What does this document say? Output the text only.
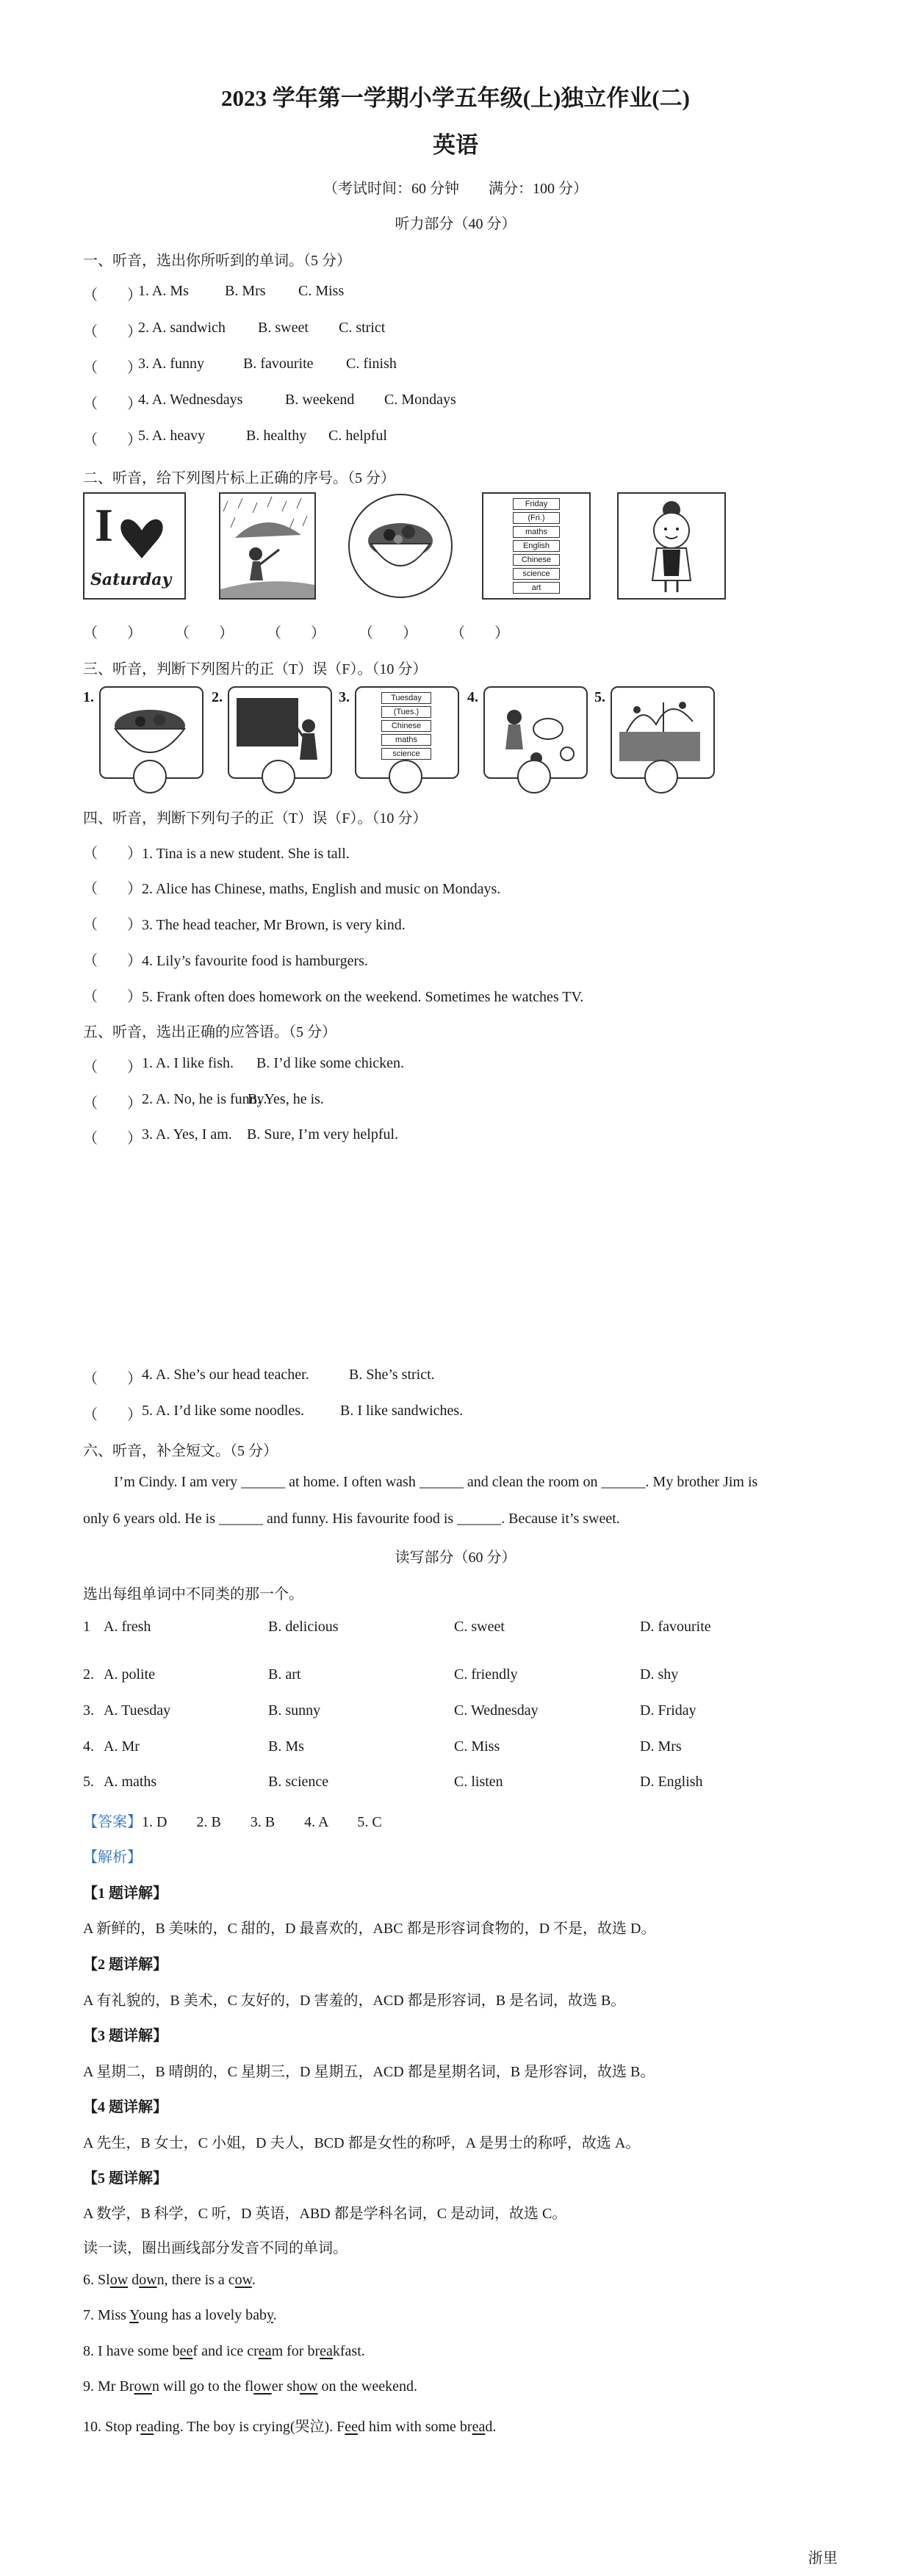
2023 学年第一学期小学五年级(上)独立作业(二)
英语
（考试时间：60 分钟　　满分：100 分）
听力部分（40 分）
一、听音，选出你所听到的单词。（5 分）
（　　）
1. A. Ms B. Mrs C. Miss
（　　）
2. A. sandwich B. sweet C. strict
（　　）
3. A. funny	B. favourite C. finish
（　　）
4. A. Wednesdays	B. weekend C. Mondays
（　　）
5. A. heavy	B. healthy C. helpful
二、听音，给下列图片标上正确的序号。（5 分）
I
Saturday
Friday
(Fri.)
maths
English
Chinese
science
art
（　　） （　　） （　　） （　　） （　　）
三、听音，判断下列图片的正（T）误（F）。（10 分）
1.	2.	3.	Tuesday
(Tues.)
Chinese
maths
science
4.	5.
四、听音，判断下列句子的正（T）误（F）。（10 分）
（　　）1. Tina is a new student. She is tall.
（　　）2. Alice has Chinese, maths, English and music on Mondays.
（　　）3. The head teacher, Mr Brown, is very kind.
（　　）4. Lily’s favourite food is hamburgers.
（　　）5. Frank often does homework on the weekend. Sometimes he watches TV.
五、听音，选出正确的应答语。（5 分）
（　　） 1. A. I like fish. B. I’d like some chicken.
（　　） 2. A. No, he is funny.
B. Yes, he is.
（　　） 3. A. Yes, I am. B. Sure, I’m very helpful.
（　　） 4. A. She’s our head teacher.	B. She’s strict.
（　　） 5. A. I’d like some noodles. B. I like sandwiches.
六、听音，补全短文。（5 分）
I’m Cindy. I am very ______ at home. I often wash ______ and clean the room on ______. My brother Jim is
only 6 years old. He is ______ and funny. His favourite food is ______. Because it’s sweet.
读写部分（60 分）
选出每组单词中不同类的那一个。
1 A. fresh	B. delicious	C. sweet	D. favourite
2. A. polite	B. art	C. friendly	D. shy
3. A. Tuesday	B. sunny	C. Wednesday	D. Friday
4. A. Mr	B. Ms	C. Miss	D. Mrs
5. A. maths	B. science	C. listen	D. English
【答案】1. D　　2. B　　3. B　　4. A　　5. C
【解析】
【1 题详解】
A 新鲜的，B 美味的，C 甜的，D 最喜欢的，ABC 都是形容词食物的，D 不是，故选 D。
【2 题详解】
A 有礼貌的，B 美术，C 友好的，D 害羞的，ACD 都是形容词，B 是名词，故选 B。
【3 题详解】
A 星期二，B 晴朗的，C 星期三，D 星期五，ACD 都是星期名词，B 是形容词，故选 B。
【4 题详解】
A 先生，B 女士，C 小姐，D 夫人，BCD 都是女性的称呼，A 是男士的称呼，故选 A。
【5 题详解】
A 数学，B 科学，C 听，D 英语，ABD 都是学科名词，C 是动词，故选 C。
读一读，圈出画线部分发音不同的单词。
6. Slow down, there is a cow.
7. Miss Young has a lovely baby.
8. I have some beef and ice cream for breakfast.
9. Mr Brown will go to the flower show on the weekend.
10. Stop reading. The boy is crying(哭泣). Feed him with some bread.
浙里
